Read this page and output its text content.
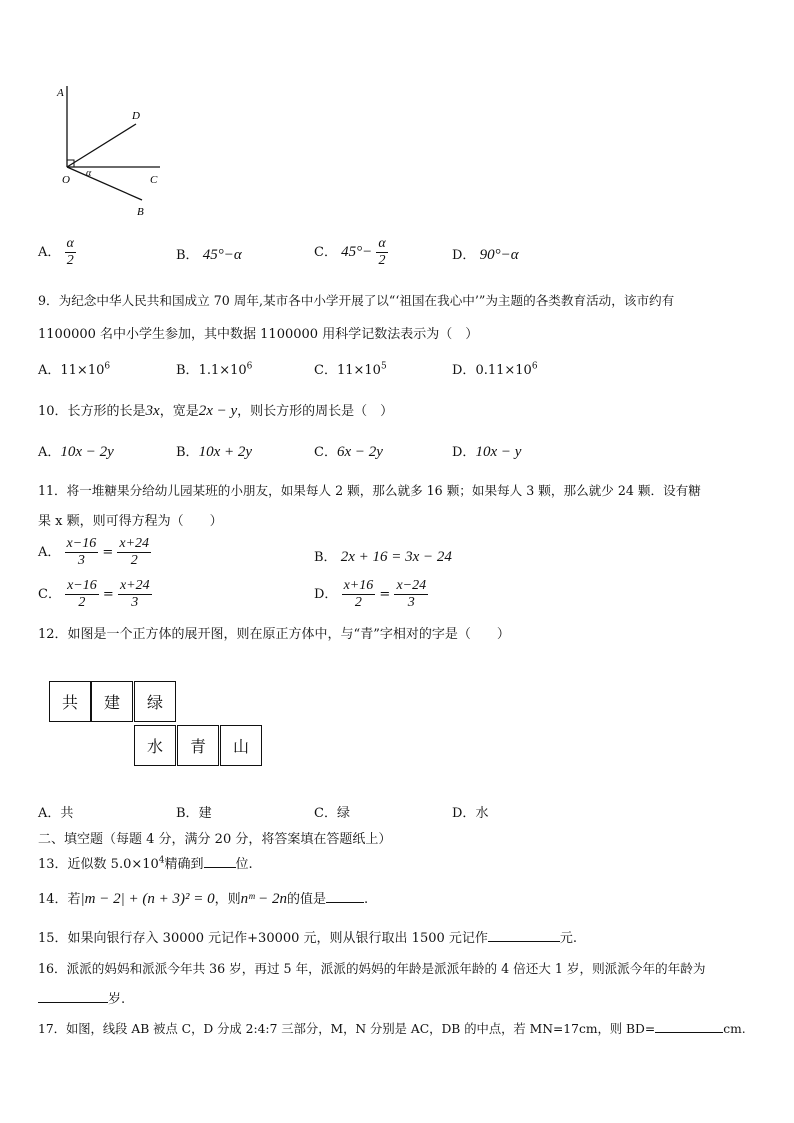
A
D
O
α
C
B
A． $\frac{\alpha}{2}$	B． 45°−α	C． $45^\circ- \frac{\alpha}{2}$	D． 90°−α
9．为纪念中华人民共和国成立 70 周年,某市各中小学开展了以“‘祖国在我心中’”为主题的各类教育活动，该市约有
1100000 名中小学生参加，其中数据 1100000 用科学记数法表示为（　）
A．$11\times 10^6$	B．$1.1\times 10^6$	C．$11\times 10^5$	D．$0.11\times 10^6$
10．长方形的长是3x，宽是2x − y，则长方形的周长是（　）
A．10x − 2y	B．10x + 2y	C．6x − 2y	D．10x − y
11．将一堆糖果分给幼儿园某班的小朋友，如果每人 2 颗，那么就多 16 颗；如果每人 3 颗，那么就少 24 颗．设有糖
果 x 颗，则可得方程为（　　）
A． $\frac{x-16}{3} = \frac{x+24}{2}$	B． 2x + 16 = 3x − 24
C． $\frac{x-16}{2} = \frac{x+24}{3}$	D． $\frac{x+16}{2} = \frac{x-24}{3}$
12．如图是一个正方体的展开图，则在原正方体中，与“青”字相对的字是（　　）
共	建	绿
水	青	山
A．共	B．建	C．绿	D．水
二、填空题（每题 4 分，满分 20 分，将答案填在答题纸上）
13．近似数 $5.0\times 10^4$精确到 位.
14．若|m − 2| + (n + 3)² = 0，则nᵐ − 2n的值是	.
15．如果向银行存入 30000 元记作+30000 元，则从银行取出 1500 元记作	元.
16．派派的妈妈和派派今年共 36 岁，再过 5 年，派派的妈妈的年龄是派派年龄的 4 倍还大 1 岁，则派派今年的年龄为
岁.
17．如图，线段 AB 被点 C，D 分成 2:4:7 三部分，M，N 分别是 AC，DB 的中点，若 MN=17cm，则 BD=	cm.
